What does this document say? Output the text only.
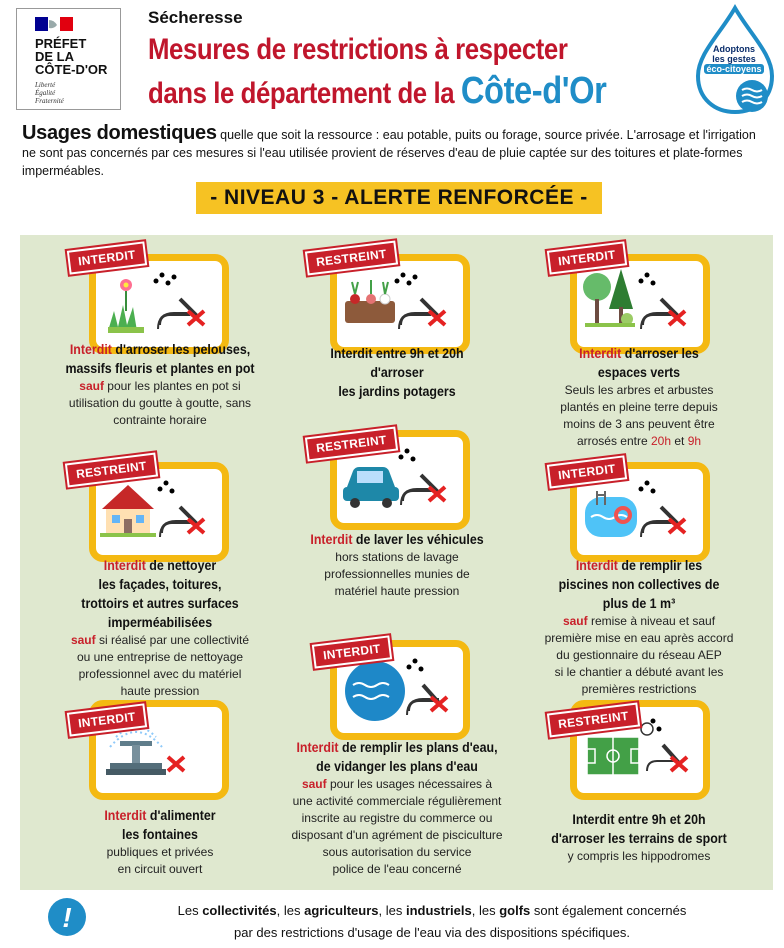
PRÉFET
DE LA
CÔTE-D'OR
Liberté
Égalité
Fraternité
Sécheresse
Mesures de restrictions à respecter
dans le département de la Côte-d'Or
Adoptons
les gestes
éco-citoyens
Usages domestiques quelle que soit la ressource : eau potable, puits ou forage, source privée. L'arrosage et l'irrigation ne sont pas concernés par ces mesures si l'eau utilisée provient de réserves d'eau de pluie captée sur des toitures et plate-formes imperméables.
- NIVEAU 3 - ALERTE RENFORCÉE -
INTERDIT
Interdit d'arroser les pelouses,
massifs fleuris et plantes en pot
sauf pour les plantes en pot si
utilisation du goutte à goutte, sans
contrainte horaire
RESTREINT
Interdit entre 9h et 20h
d'arroser
les jardins potagers
INTERDIT
Interdit d'arroser les
espaces verts
Seuls les arbres et arbustes
plantés en pleine terre depuis
moins de 3 ans peuvent être
arrosés entre 20h et 9h
RESTREINT
Interdit de nettoyer
les façades, toitures,
trottoirs et autres surfaces
imperméabilisées
sauf si réalisé par une collectivité
ou une entreprise de nettoyage
professionnel avec du matériel
haute pression
RESTREINT
Interdit de laver les véhicules
hors stations de lavage
professionnelles munies de
matériel haute pression
INTERDIT
Interdit de remplir les
piscines non collectives de
plus de 1 m³
sauf remise à niveau et sauf
première mise en eau après accord
du gestionnaire du réseau AEP
si le chantier a débuté avant les
premières restrictions
INTERDIT
Interdit d'alimenter
les fontaines
publiques et privées
en circuit ouvert
INTERDIT
Interdit de remplir les plans d'eau,
de vidanger les plans d'eau
sauf pour les usages nécessaires à
une activité commerciale régulièrement
inscrite au registre du commerce ou
disposant d'un agrément de pisciculture
sous autorisation du service
police de l'eau concerné
RESTREINT
Interdit entre 9h et 20h
d'arroser les terrains de sport
y compris les hippodromes
!	Les collectivités, les agriculteurs, les industriels, les golfs sont également concernés
par des restrictions d'usage de l'eau via des dispositions spécifiques.
